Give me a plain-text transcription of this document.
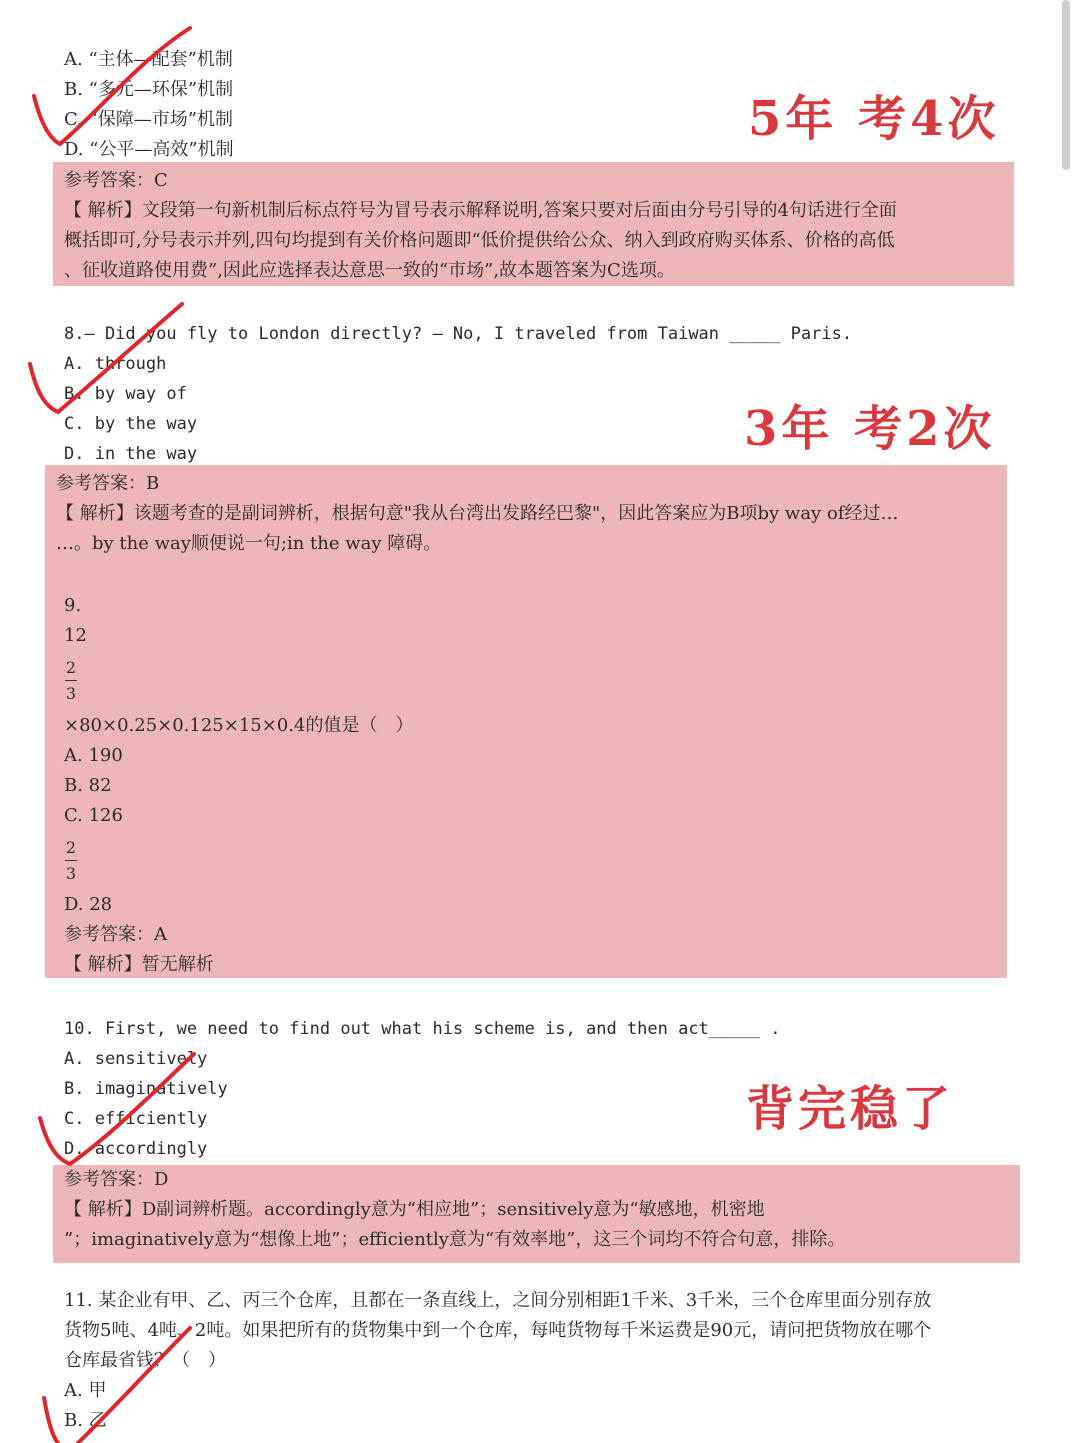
A. “主体—配套”机制
B. “多元—环保”机制
C. “保障—市场”机制
D. “公平—高效”机制
参考答案：C
【 解析】文段第一句新机制后标点符号为冒号表示解释说明,答案只要对后面由分号引导的4句话进行全面
概括即可,分号表示并列,四句均提到有关价格问题即“低价提供给公众、纳入到政府购买体系、价格的高低
、征收道路使用费”,因此应选择表达意思一致的“市场”,故本题答案为C选项。
5年 考4次
8.— Did you fly to London directly? — No, I traveled from Taiwan _____ Paris.
A. through
B. by way of
C. by the way
D. in the way	3年 考2次
参考答案：B
【 解析】该题考查的是副词辨析，根据句意"我从台湾出发路经巴黎"，因此答案应为B项by way of经过…
…。by the way顺便说一句;in the way 障碍。
9.
12
2
3
×80×0.25×0.125×15×0.4的值是（　）
A. 190
B. 82
C. 126
2
3
D. 28
参考答案：A
【 解析】暂无解析
10. First, we need to find out what his scheme is, and then act_____ .
A. sensitively
B. imaginatively
C. efficiently
D. accordingly
背完稳了
参考答案：D
【 解析】D副词辨析题。accordingly意为“相应地”；sensitively意为“敏感地，机密地
”；imaginatively意为“想像上地”；efficiently意为“有效率地”，这三个词均不符合句意，排除。
11. 某企业有甲、乙、丙三个仓库，且都在一条直线上，之间分别相距1千米、3千米，三个仓库里面分别存放
货物5吨、4吨、2吨。如果把所有的货物集中到一个仓库，每吨货物每千米运费是90元，请问把货物放在哪个
仓库最省钱？（　）
A. 甲
B. 乙
